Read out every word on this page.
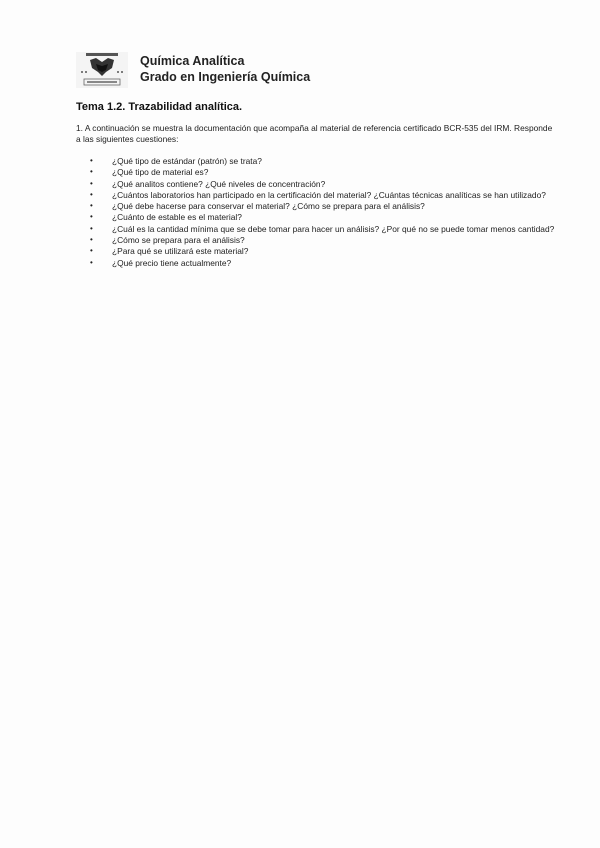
Química Analítica
Grado en Ingeniería Química
Tema 1.2. Trazabilidad analítica.
1. A continuación se muestra la documentación que acompaña al material de referencia certificado BCR-535 del IRM. Responde a las siguientes cuestiones:
• ¿Qué tipo de estándar (patrón) se trata?
• ¿Qué tipo de material es?
• ¿Qué analitos contiene? ¿Qué niveles de concentración?
• ¿Cuántos laboratorios han participado en la certificación del material? ¿Cuántas técnicas analíticas se han utilizado?
• ¿Qué debe hacerse para conservar el material? ¿Cómo se prepara para el análisis?
• ¿Cuánto de estable es el material?
• ¿Cuál es la cantidad mínima que se debe tomar para hacer un análisis? ¿Por qué no se puede tomar menos cantidad?
• ¿Cómo se prepara para el análisis?
• ¿Para qué se utilizará este material?
• ¿Qué precio tiene actualmente?
